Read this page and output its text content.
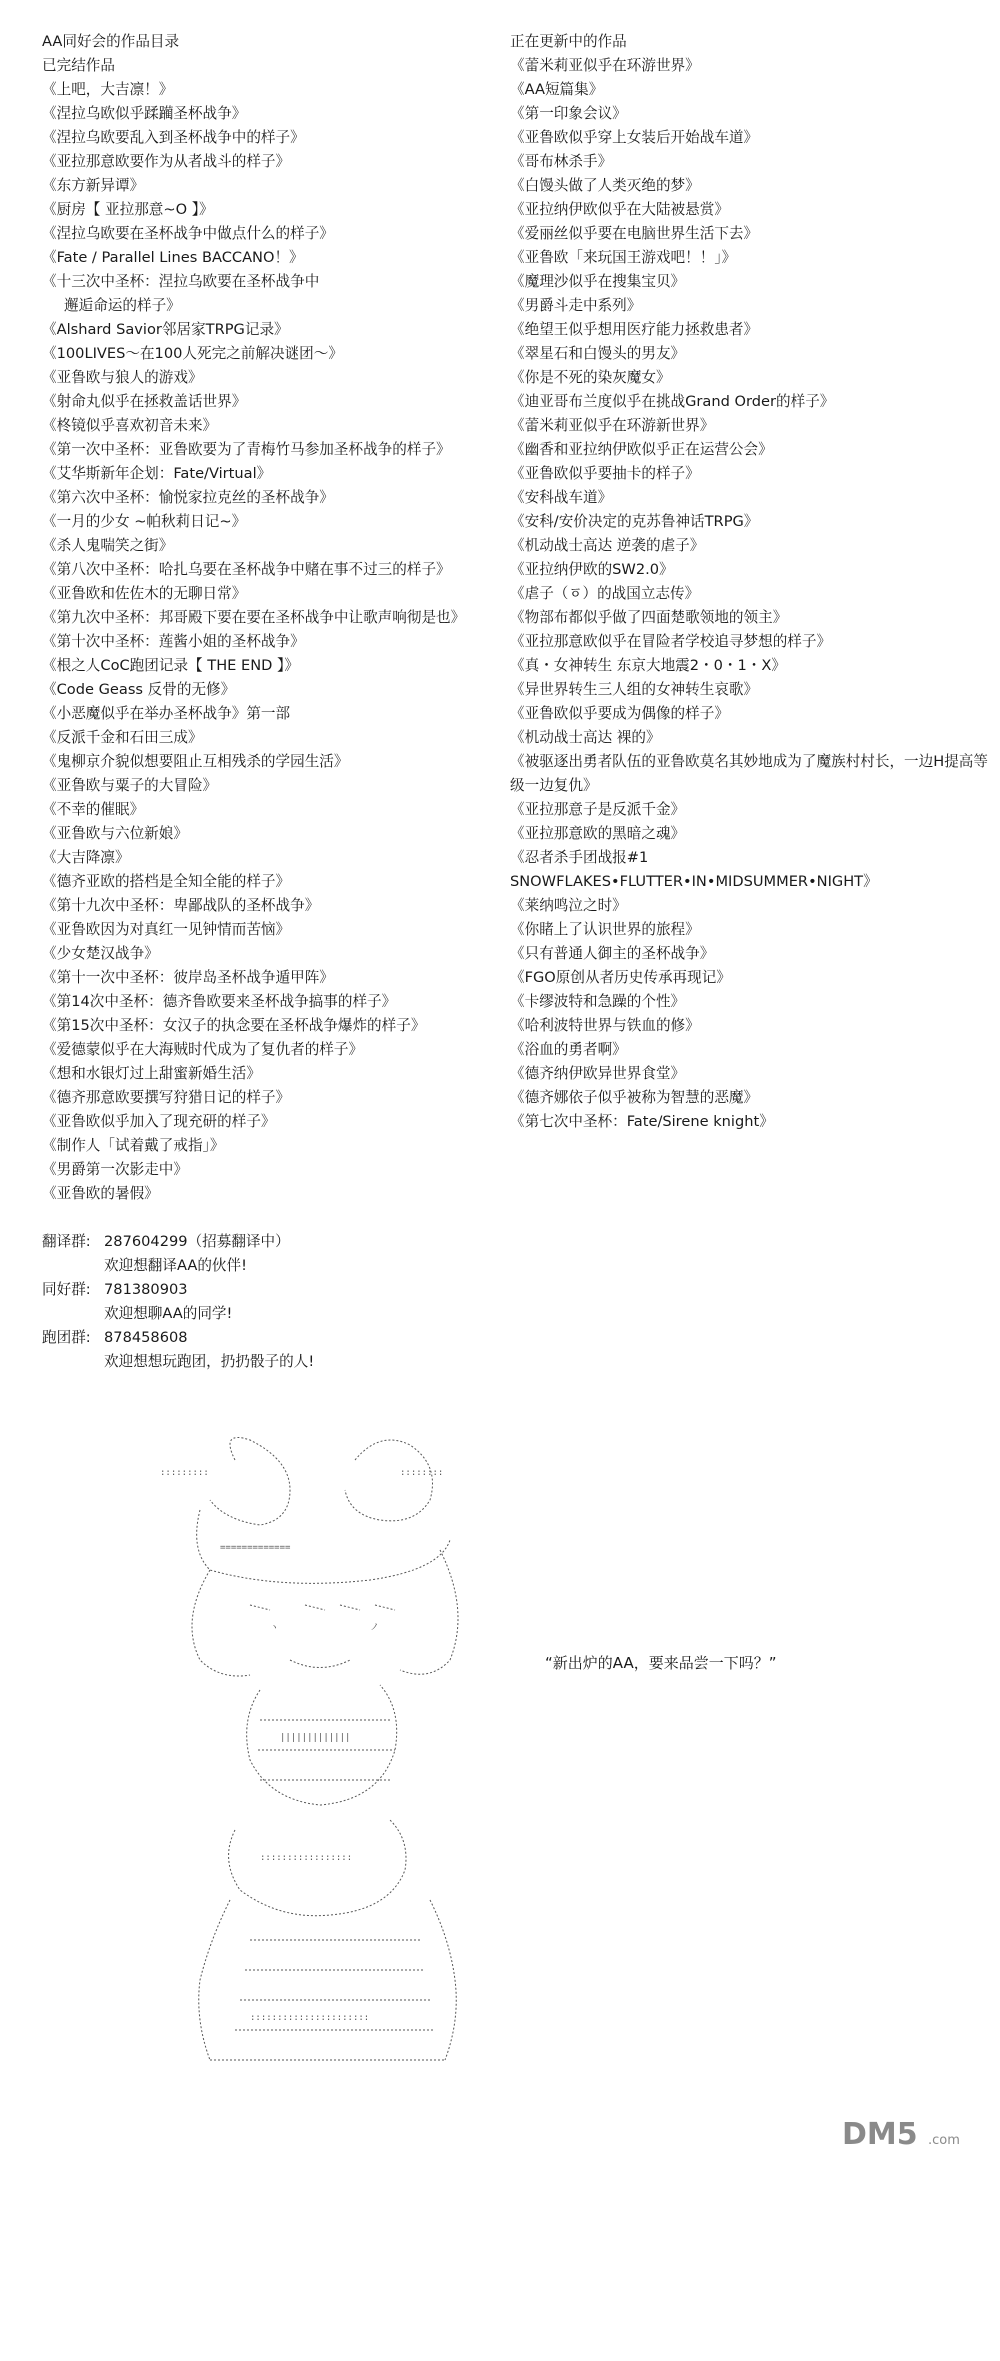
AA同好会的作品目录
已完结作品
《上吧，大吉凛！》
《涅拉乌欧似乎蹂躏圣杯战争》
《涅拉乌欧要乱入到圣杯战争中的样子》
《亚拉那意欧要作为从者战斗的样子》
《东方新异谭》
《厨房【 亚拉那意~O 】》
《涅拉乌欧要在圣杯战争中做点什么的样子》
《Fate / Parallel Lines BACCANO！》
《十三次中圣杯：涅拉乌欧要在圣杯战争中
邂逅命运的样子》
《Alshard Savior邻居家TRPG记录》
《100LIVES～在100人死完之前解决谜团～》
《亚鲁欧与狼人的游戏》
《射命丸似乎在拯救盖话世界》
《柊镜似乎喜欢初音未来》
《第一次中圣杯：亚鲁欧要为了青梅竹马参加圣杯战争的样子》
《艾华斯新年企划：Fate/Virtual》
《第六次中圣杯：愉悦家拉克丝的圣杯战争》
《一月的少女 ~帕秋莉日记~》
《杀人鬼喘笑之街》
《第八次中圣杯：哈扎乌要在圣杯战争中赌在事不过三的样子》
《亚鲁欧和佐佐木的无聊日常》
《第九次中圣杯：邦哥殿下要在要在圣杯战争中让歌声响彻是也》
《第十次中圣杯：莲酱小姐的圣杯战争》
《根之人CoC跑团记录【 THE END 】》
《Code Geass 反骨的无修》
《小恶魔似乎在举办圣杯战争》第一部
《反派千金和石田三成》
《鬼柳京介貌似想要阻止互相残杀的学园生活》
《亚鲁欧与粟子的大冒险》
《不幸的催眠》
《亚鲁欧与六位新娘》
《大吉降凛》
《德齐亚欧的搭档是全知全能的样子》
《第十九次中圣杯：卑鄙战队的圣杯战争》
《亚鲁欧因为对真红一见钟情而苦恼》
《少女楚汉战争》
《第十一次中圣杯：彼岸岛圣杯战争遁甲阵》
《第14次中圣杯：德齐鲁欧要来圣杯战争搞事的样子》
《第15次中圣杯：女汉子的执念要在圣杯战争爆炸的样子》
《爱德蒙似乎在大海贼时代成为了复仇者的样子》
《想和水银灯过上甜蜜新婚生活》
《德齐那意欧要撰写狩猎日记的样子》
《亚鲁欧似乎加入了现充研的样子》
《制作人「试着戴了戒指」》
《男爵第一次影走中》
《亚鲁欧的暑假》
翻译群: 287604299（招募翻译中）
欢迎想翻译AA的伙伴!
同好群: 781380903
欢迎想聊AA的同学!
跑团群: 878458608
欢迎想想玩跑团，扔扔骰子的人!
正在更新中的作品
《蕾米莉亚似乎在环游世界》
《AA短篇集》
《第一印象会议》
《亚鲁欧似乎穿上女装后开始战车道》
《哥布林杀手》
《白馒头做了人类灭绝的梦》
《亚拉纳伊欧似乎在大陆被悬赏》
《爱丽丝似乎要在电脑世界生活下去》
《亚鲁欧「来玩国王游戏吧！！」》
《魔理沙似乎在搜集宝贝》
《男爵斗走中系列》
《绝望王似乎想用医疗能力拯救患者》
《翠星石和白馒头的男友》
《你是不死的染灰魔女》
《迪亚哥布兰度似乎在挑战Grand Order的样子》
《蕾米莉亚似乎在环游新世界》
《幽香和亚拉纳伊欧似乎正在运营公会》
《亚鲁欧似乎要抽卡的样子》
《安科战车道》
《安科/安价决定的克苏鲁神话TRPG》
《机动战士高达 逆袭的虐子》
《亚拉纳伊欧的SW2.0》
《虐子（ㆆ）的战国立志传》
《物部布都似乎做了四面楚歌领地的领主》
《亚拉那意欧似乎在冒险者学校追寻梦想的样子》
《真・女神转生 东京大地震2・0・1・X》
《异世界转生三人组的女神转生哀歌》
《亚鲁欧似乎要成为偶像的样子》
《机动战士高达 裸的》
《被驱逐出勇者队伍的亚鲁欧莫名其妙地成为了魔族村村长，一边H提高等级一边复仇》
《亚拉那意子是反派千金》
《亚拉那意欧的黑暗之魂》
《忍者杀手团战报#1 SNOWFLAKES•FLUTTER•IN•MIDSUMMER•NIGHT》
《莱纳鸣泣之时》
《你睹上了认识世界的旅程》
《只有普通人御主的圣杯战争》
《FGO原创从者历史传承再现记》
《卡缪波特和急躁的个性》
《哈利波特世界与铁血的修》
《浴血的勇者啊》
《德齐纳伊欧异世界食堂》
《德齐娜依子似乎被称为智慧的恶魔》
《第七次中圣杯：Fate/Sirene knight》
:::::::::	::::::::
=============
ヽ	ノ
|||||||||||||
:::::::::::::::::
::::::::::::::::::::::
“新出炉的AA，要来品尝一下吗？”
DM5 .com
